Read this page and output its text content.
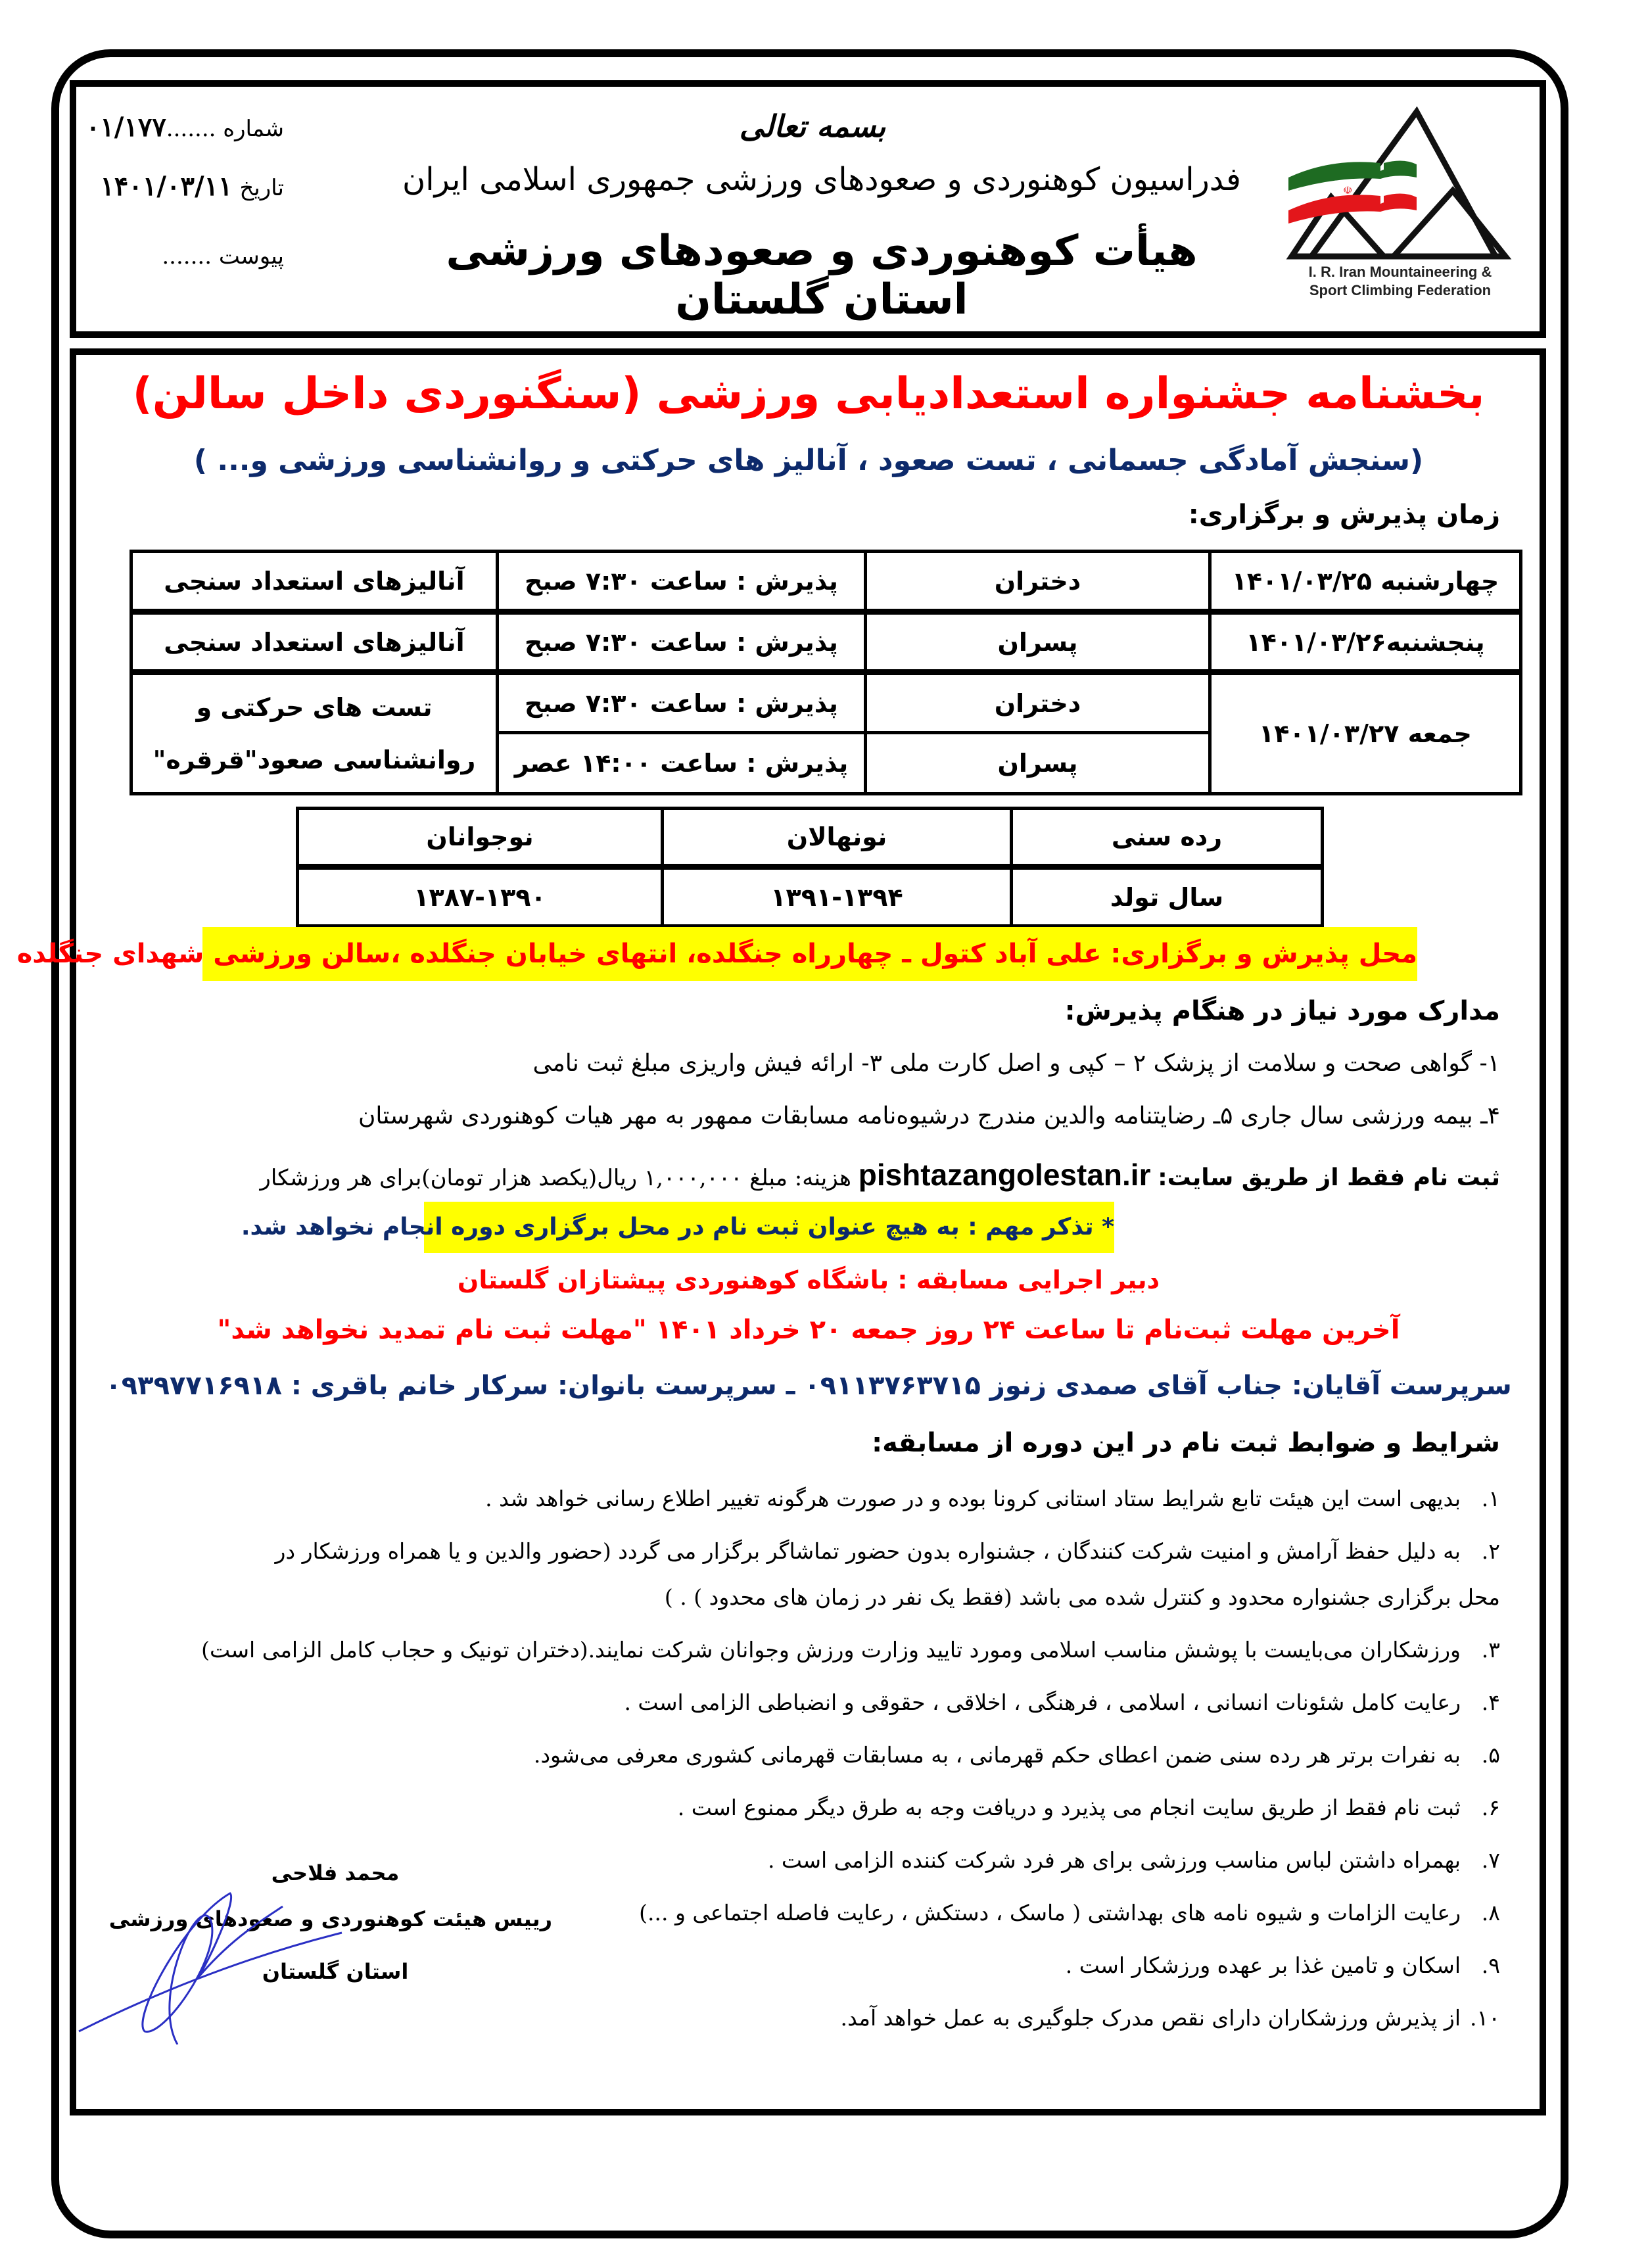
شماره .......۰۱/۱۷۷
تاریخ ۱۴۰۱/۰۳/۱۱
پیوست .......
بسمه تعالی
فدراسیون کوهنوردی و صعودهای ورزشی جمهوری اسلامی ایران
هیأت کوهنوردی و صعودهای ورزشی استان گلستان
☫
I. R. Iran Mountaineering &
Sport Climbing Federation
بخشنامه جشنواره استعدادیابی ورزشی (سنگنوردی داخل سالن)
(سنجش آمادگی جسمانی ، تست صعود ، آنالیز های حرکتی و روانشناسی ورزشی و... )
زمان پذیرش و برگزاری:
چهارشنبه ۱۴۰۱/۰۳/۲۵	دختران	پذیرش : ساعت ۷:۳۰ صبح	آنالیزهای استعداد سنجی
پنجشنبه۱۴۰۱/۰۳/۲۶	پسران	پذیرش : ساعت ۷:۳۰ صبح	آنالیزهای استعداد سنجی
جمعه ۱۴۰۱/۰۳/۲۷	دختران	پذیرش : ساعت ۷:۳۰ صبح	تست های حرکتی و روانشناسی صعود"قرقره"
	پسران	پذیرش : ساعت ۱۴:۰۰ عصر	
رده سنی	نونهالان	نوجوانان
سال تولد	۱۳۹۱-۱۳۹۴	۱۳۸۷-۱۳۹۰
محل پذیرش و برگزاری: علی آباد کتول ـ چهارراه جنگلده، انتهای خیابان جنگلده ،سالن ورزشی شهدای جنگلده
مدارک مورد نیاز در هنگام پذیرش:
۱- گواهی صحت و سلامت از پزشک ۲ – کپی و اصل کارت ملی ۳- ارائه فیش واریزی مبلغ ثبت نامی
۴ـ بیمه ورزشی سال جاری ۵ـ رضایتنامه والدین مندرج درشیوه‌نامه مسابقات ممهور به مهر هیات کوهنوردی شهرستان
ثبت نام فقط از طریق سایت: pishtazangolestan.ir هزینه: مبلغ ۱,۰۰۰,۰۰۰ ریال(یکصد هزار تومان)برای هر ورزشکار
* تذکر مهم : به هیچ عنوان ثبت نام در محل برگزاری دوره انجام نخواهد شد.
دبیر اجرایی مسابقه : باشگاه کوهنوردی پیشتازان گلستان
آخرین مهلت ثبت‌نام تا ساعت ۲۴ روز جمعه ۲۰ خرداد ۱۴۰۱ "مهلت ثبت نام تمدید نخواهد شد"
سرپرست آقایان: جناب آقای صمدی زنوز ۰۹۱۱۳۷۶۳۷۱۵ ـ سرپرست بانوان: سرکار خانم باقری : ۰۹۳۹۷۷۱۶۹۱۸
شرایط و ضوابط ثبت نام در این دوره از مسابقه:
۱.بدیهی است این هیئت تابع شرایط ستاد استانی کرونا بوده و در صورت هرگونه تغییر اطلاع رسانی خواهد شد .
۲.به دلیل حفظ آرامش و امنیت شرکت کنندگان ، جشنواره بدون حضور تماشاگر برگزار می گردد (حضور والدین و یا همراه ورزشکار در
محل برگزاری جشنواره محدود و کنترل شده می باشد (فقط یک نفر در زمان های محدود ) . )
۳.ورزشکاران می‌بایست با پوشش مناسب اسلامی ومورد تایید وزارت ورزش وجوانان شرکت نمایند.(دختران تونیک و حجاب کامل الزامی است)
۴.رعایت کامل شئونات انسانی ، اسلامی ، فرهنگی ، اخلاقی ، حقوقی و انضباطی الزامی است .
۵.به نفرات برتر هر رده سنی ضمن اعطای حکم قهرمانی ، به مسابقات قهرمانی کشوری معرفی می‌شود.
۶.ثبت نام فقط از طریق سایت انجام می پذیرد و دریافت وجه به طرق دیگر ممنوع است .
۷.بهمراه داشتن لباس مناسب ورزشی برای هر فرد شرکت کننده الزامی است .
۸.رعایت الزامات و شیوه نامه های بهداشتی ( ماسک ، دستکش ، رعایت فاصله اجتماعی و ...)
۹.اسکان و تامین غذا بر عهده ورزشکار است .
۱۰.از پذیرش ورزشکاران دارای نقص مدرک جلوگیری به عمل خواهد آمد.
محمد فلاحی
رییس هیئت کوهنوردی و صعودهای ورزشی
استان گلستان
